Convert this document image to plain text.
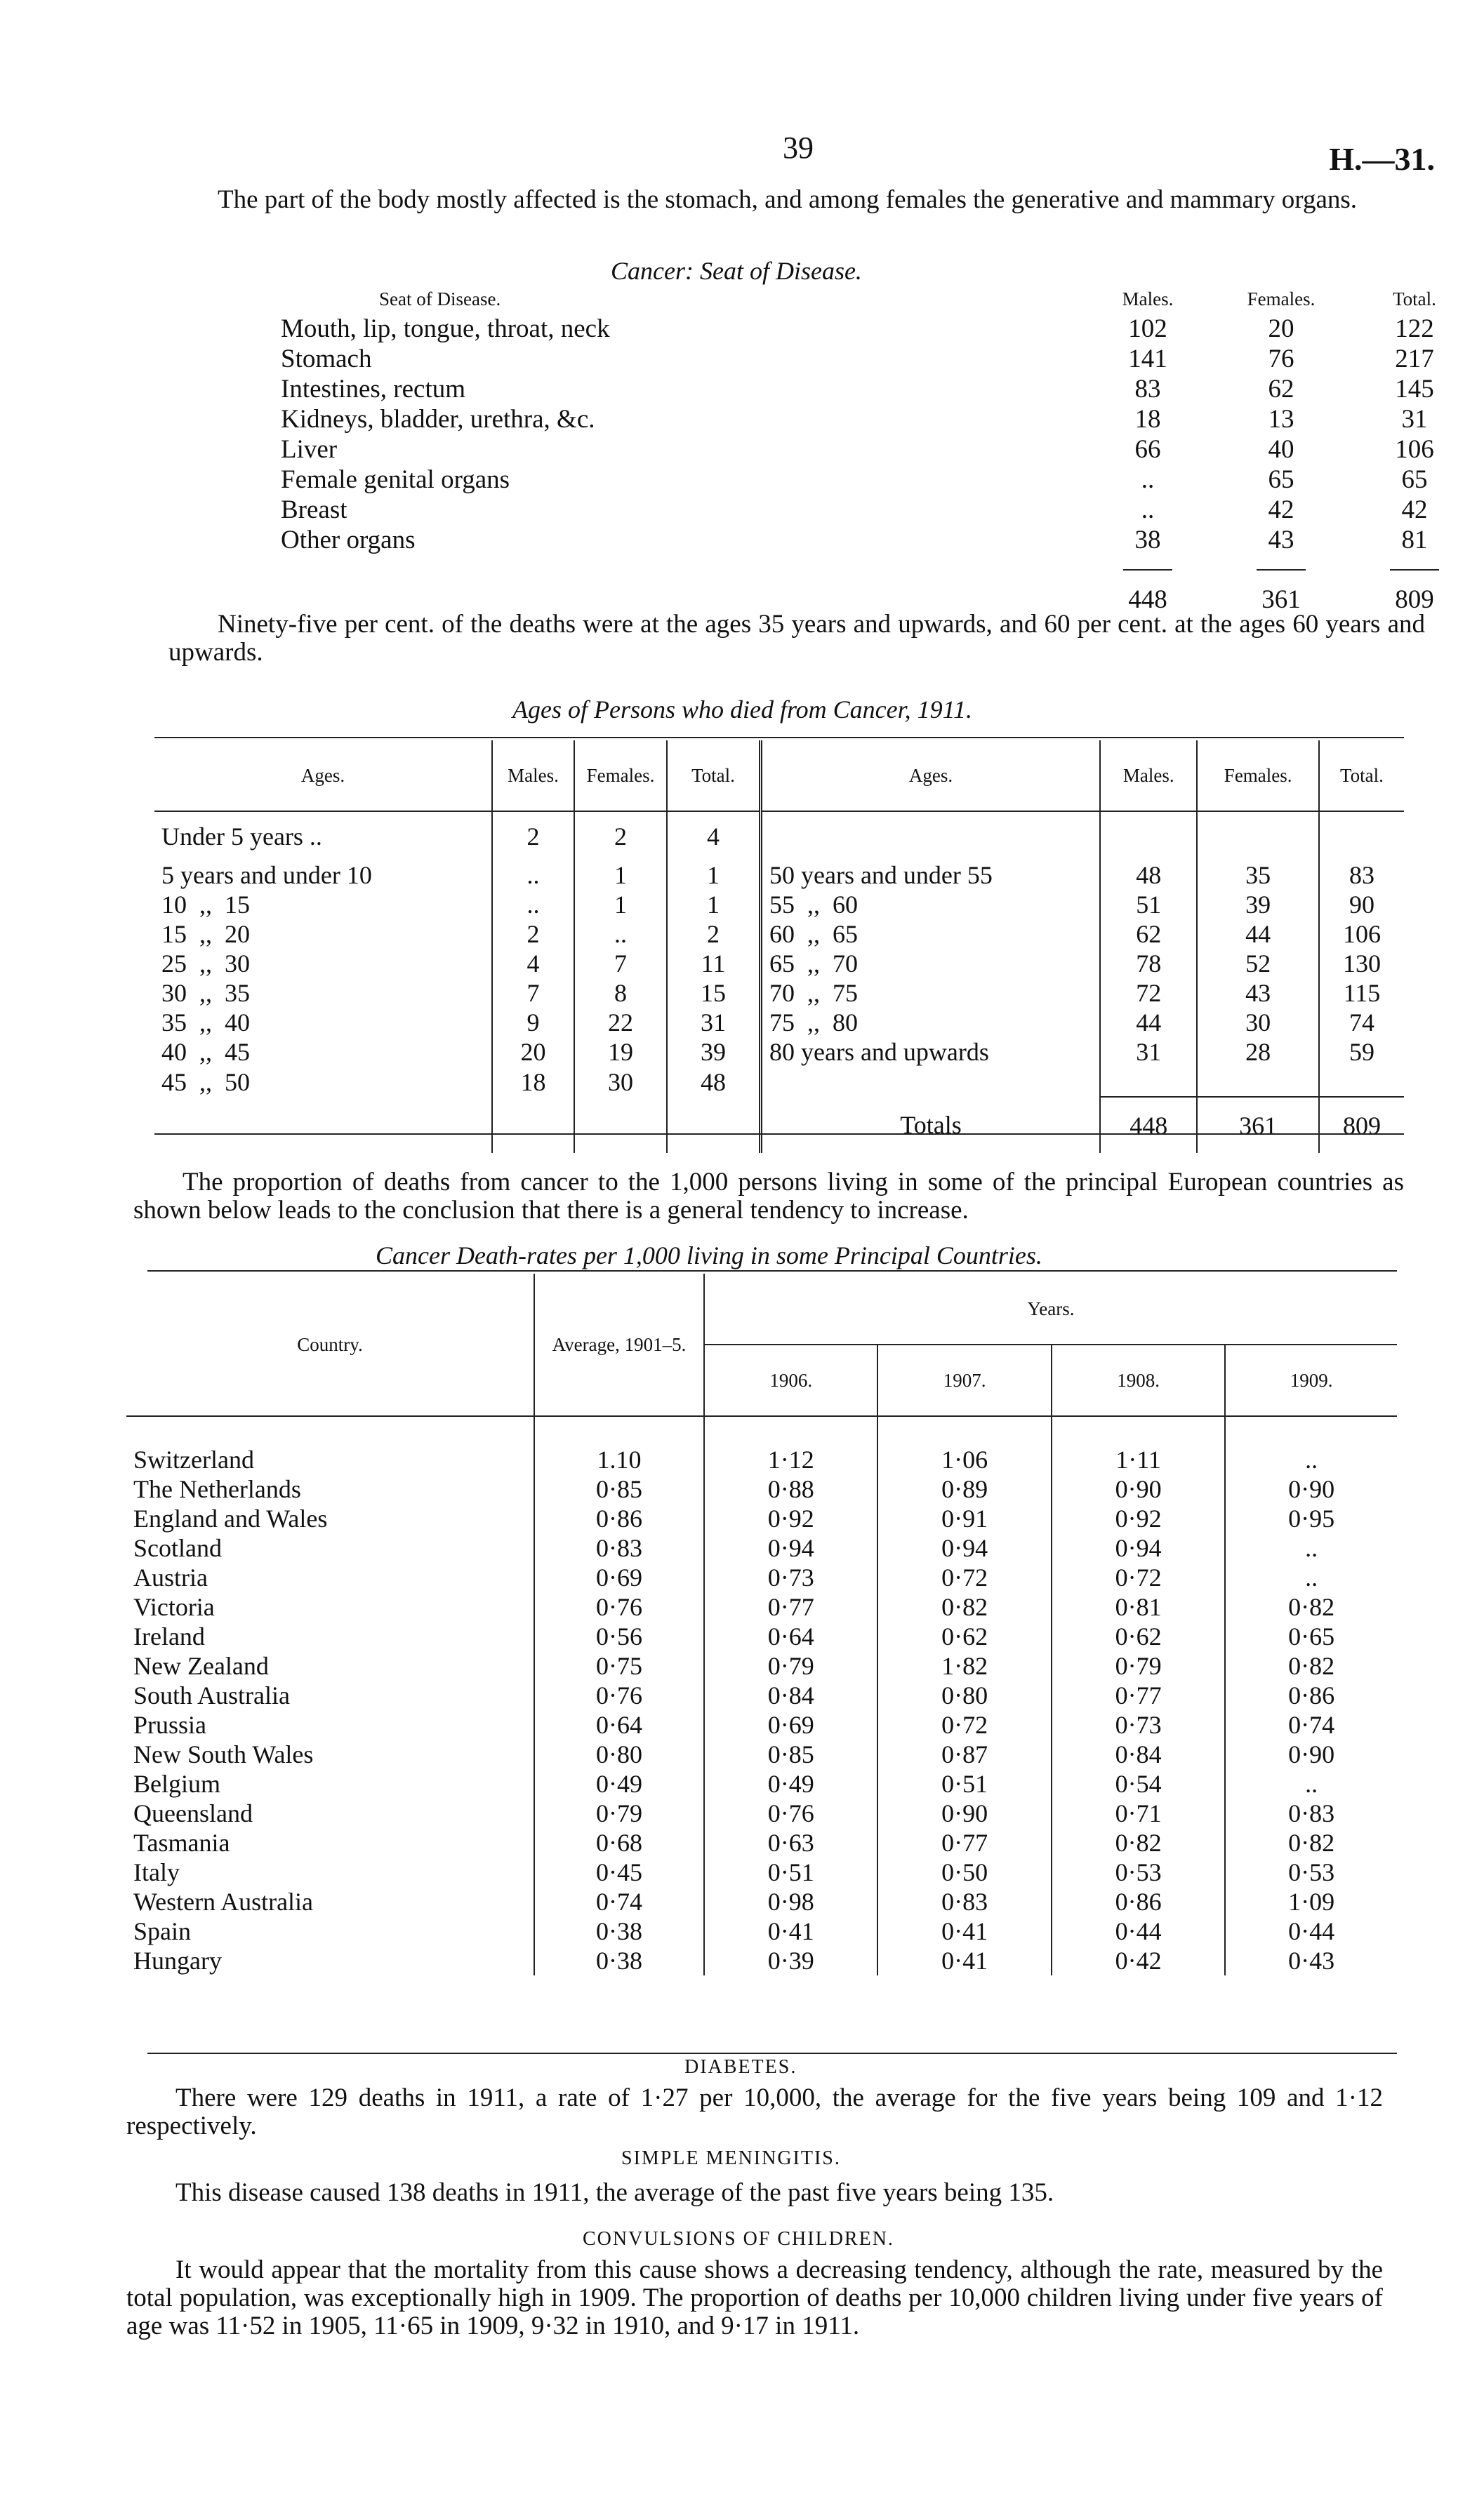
39	H.—31.
The part of the body mostly affected is the stomach, and among females the generative and mammary organs.
Cancer: Seat of Disease.
Seat of Disease.	Males.	Females.	Total.
Mouth, lip, tongue, throat, neck	102	20	122
Stomach	141	76	217
Intestines, rectum	83	62	145
Kidneys, bladder, urethra, &c.	18	13	31
Liver	66	40	106
Female genital organs	..	65	65
Breast	..	42	42
Other organs	38	43	81

	448	361	809
Ninety-five per cent. of the deaths were at the ages 35 years and upwards, and 60 per cent. at the ages 60 years and upwards.
Ages of Persons who died from Cancer, 1911.
Ages.	Males.	Females.	Total.	Ages.	Males.	Females.	Total.
Under 5 years ..	2	2	4				
5 years and under 10	..	1	1	50 years and under 55	48	35	83
10  ,,  15	..	1	1	55  ,,  60	51	39	90
15  ,,  20	2	..	2	60  ,,  65	62	44	106
25  ,,  30	4	7	11	65  ,,  70	78	52	130
30  ,,  35	7	8	15	70  ,,  75	72	43	115
35  ,,  40	9	22	31	75  ,,  80	44	30	74
40  ,,  45	20	19	39	80 years and upwards	31	28	59
45  ,,  50	18	30	48				
				Totals	448	361	809
The proportion of deaths from cancer to the 1,000 persons living in some of the principal European countries as shown below leads to the conclusion that there is a general tendency to increase.
Cancer Death-rates per 1,000 living in some Principal Countries.
Country.	Average, 1901–5.	Years.			
		1906.	1907.	1908.	1909.
Switzerland	1.10	1·12	1·06	1·11	..
The Netherlands	0·85	0·88	0·89	0·90	0·90
England and Wales	0·86	0·92	0·91	0·92	0·95
Scotland	0·83	0·94	0·94	0·94	..
Austria	0·69	0·73	0·72	0·72	..
Victoria	0·76	0·77	0·82	0·81	0·82
Ireland	0·56	0·64	0·62	0·62	0·65
New Zealand	0·75	0·79	1·82	0·79	0·82
South Australia	0·76	0·84	0·80	0·77	0·86
Prussia	0·64	0·69	0·72	0·73	0·74
New South Wales	0·80	0·85	0·87	0·84	0·90
Belgium	0·49	0·49	0·51	0·54	..
Queensland	0·79	0·76	0·90	0·71	0·83
Tasmania	0·68	0·63	0·77	0·82	0·82
Italy	0·45	0·51	0·50	0·53	0·53
Western Australia	0·74	0·98	0·83	0·86	1·09
Spain	0·38	0·41	0·41	0·44	0·44
Hungary	0·38	0·39	0·41	0·42	0·43
DIABETES.
There were 129 deaths in 1911, a rate of 1·27 per 10,000, the average for the five years being 109 and 1·12 respectively.
SIMPLE MENINGITIS.
This disease caused 138 deaths in 1911, the average of the past five years being 135.
CONVULSIONS OF CHILDREN.
It would appear that the mortality from this cause shows a decreasing tendency, although the rate, measured by the total population, was exceptionally high in 1909. The proportion of deaths per 10,000 children living under five years of age was 11·52 in 1905, 11·65 in 1909, 9·32 in 1910, and 9·17 in 1911.
